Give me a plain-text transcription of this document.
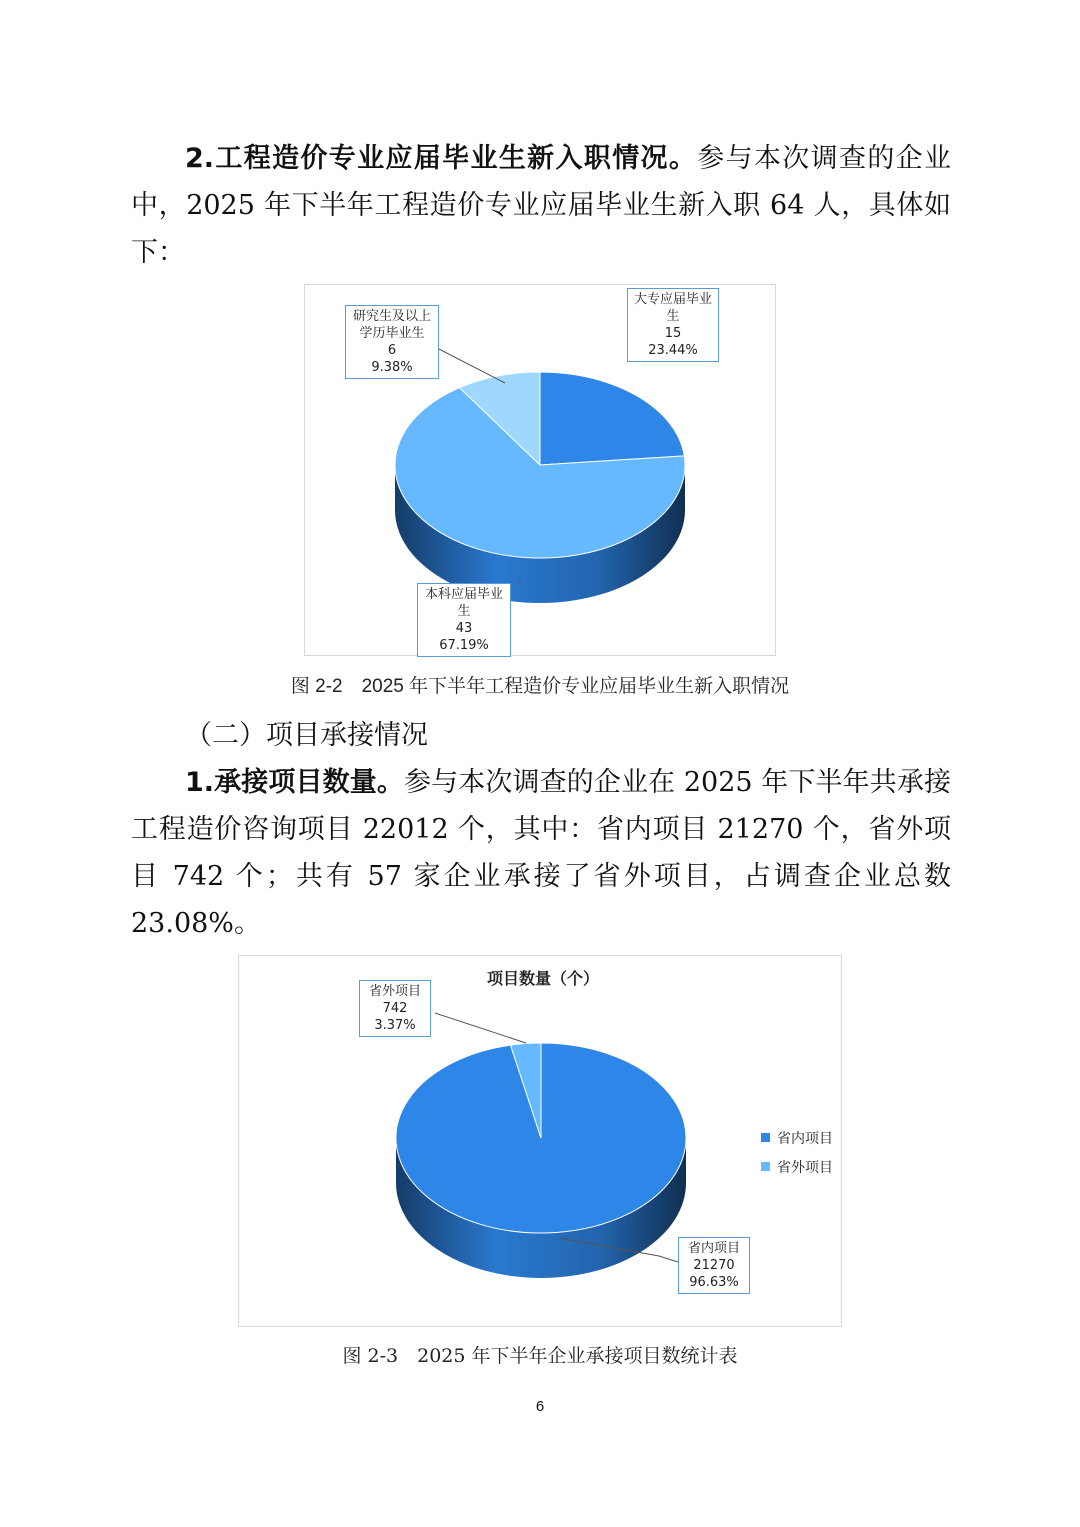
2.工程造价专业应届毕业生新入职情况。参与本次调查的企业中，2025 年下半年工程造价专业应届毕业生新入职 64 人，具体如下：

研究生及以上
学历毕业生
6
9.38%
大专应届毕业
生
15
23.44%
本科应届毕业
生
43
67.19%
图 2-2　2025 年下半年工程造价专业应届毕业生新入职情况

（二）项目承接情况

1.承接项目数量。参与本次调查的企业在 2025 年下半年共承接工程造价咨询项目 22012 个，其中：省内项目 21270 个，省外项目 742 个；共有 57 家企业承接了省外项目，占调查企业总数 23.08%。

项目数量（个）
省外项目
742
3.37%
省内项目
21270
96.63%
省内项目
省外项目
图 2-3　2025 年下半年企业承接项目数统计表
6
